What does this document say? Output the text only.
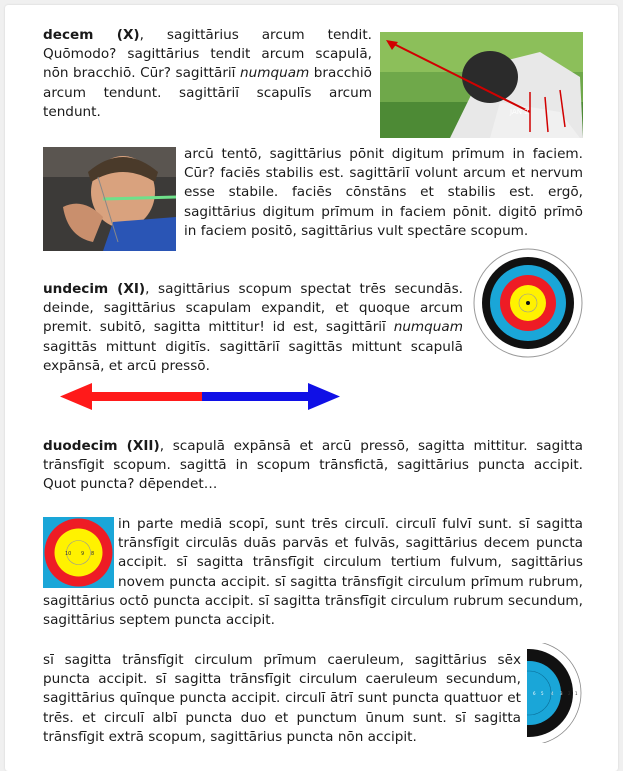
JAN 2

decem (X), sagittārius arcum tendit. Quōmodo? sagittārius tendit arcum scapulā, nōn bracchiō. Cūr? sagittāriī numquam bracchiō arcum tendunt. sagittāriī scapulīs arcum tendunt.

arcū tentō, sagittārius pōnit digitum prīmum in faciem. Cūr? faciēs stabilis est. sagittāriī volunt arcum et nervum esse stabile. faciēs cōnstāns et stabilis est. ergō, sagittārius digitum prīmum in faciem pōnit. digitō prīmō in faciem positō, sagittārius vult spectāre scopum.

undecim (XI), sagittārius scopum spectat trēs secundās. deinde, sagittārius scapulam expandit, et quoque arcum premit. subitō, sagitta mittitur! id est, sagittāriī numquam sagittās mittunt digitīs. sagittāriī sagittās mittunt scapulā expānsā, et arcū pressō.

duodecim (XII), scapulā expānsā et arcū pressō, sagitta mittitur. sagitta trānsfīgit scopum. sagittā in scopum trānsfictā, sagittārius puncta accipit. Quot puncta? dēpendet…

10 9 8

in parte mediā scopī, sunt trēs circulī. circulī fulvī sunt. sī sagitta trānsfīgit circulās duās parvās et fulvās, sagittārius decem puncta accipit. sī sagitta trānsfīgit circulum tertium fulvum, sagittārius novem puncta accipit. sī sagitta trānsfīgit circulum prīmum rubrum, sagittārius octō puncta accipit. sī sagitta trānsfīgit circulum rubrum secundum, sagittārius septem puncta accipit.

6 5 4 3 2 1

sī sagitta trānsfīgit circulum prīmum caeruleum, sagittārius sēx puncta accipit. sī sagitta trānsfīgit circulum caeruleum secundum, sagittārius quīnque puncta accipit. circulī ātrī sunt puncta quattuor et trēs. et circulī albī puncta duo et punctum ūnum sunt. sī sagitta trānsfīgit extrā scopum, sagittārius puncta nōn accipit.
